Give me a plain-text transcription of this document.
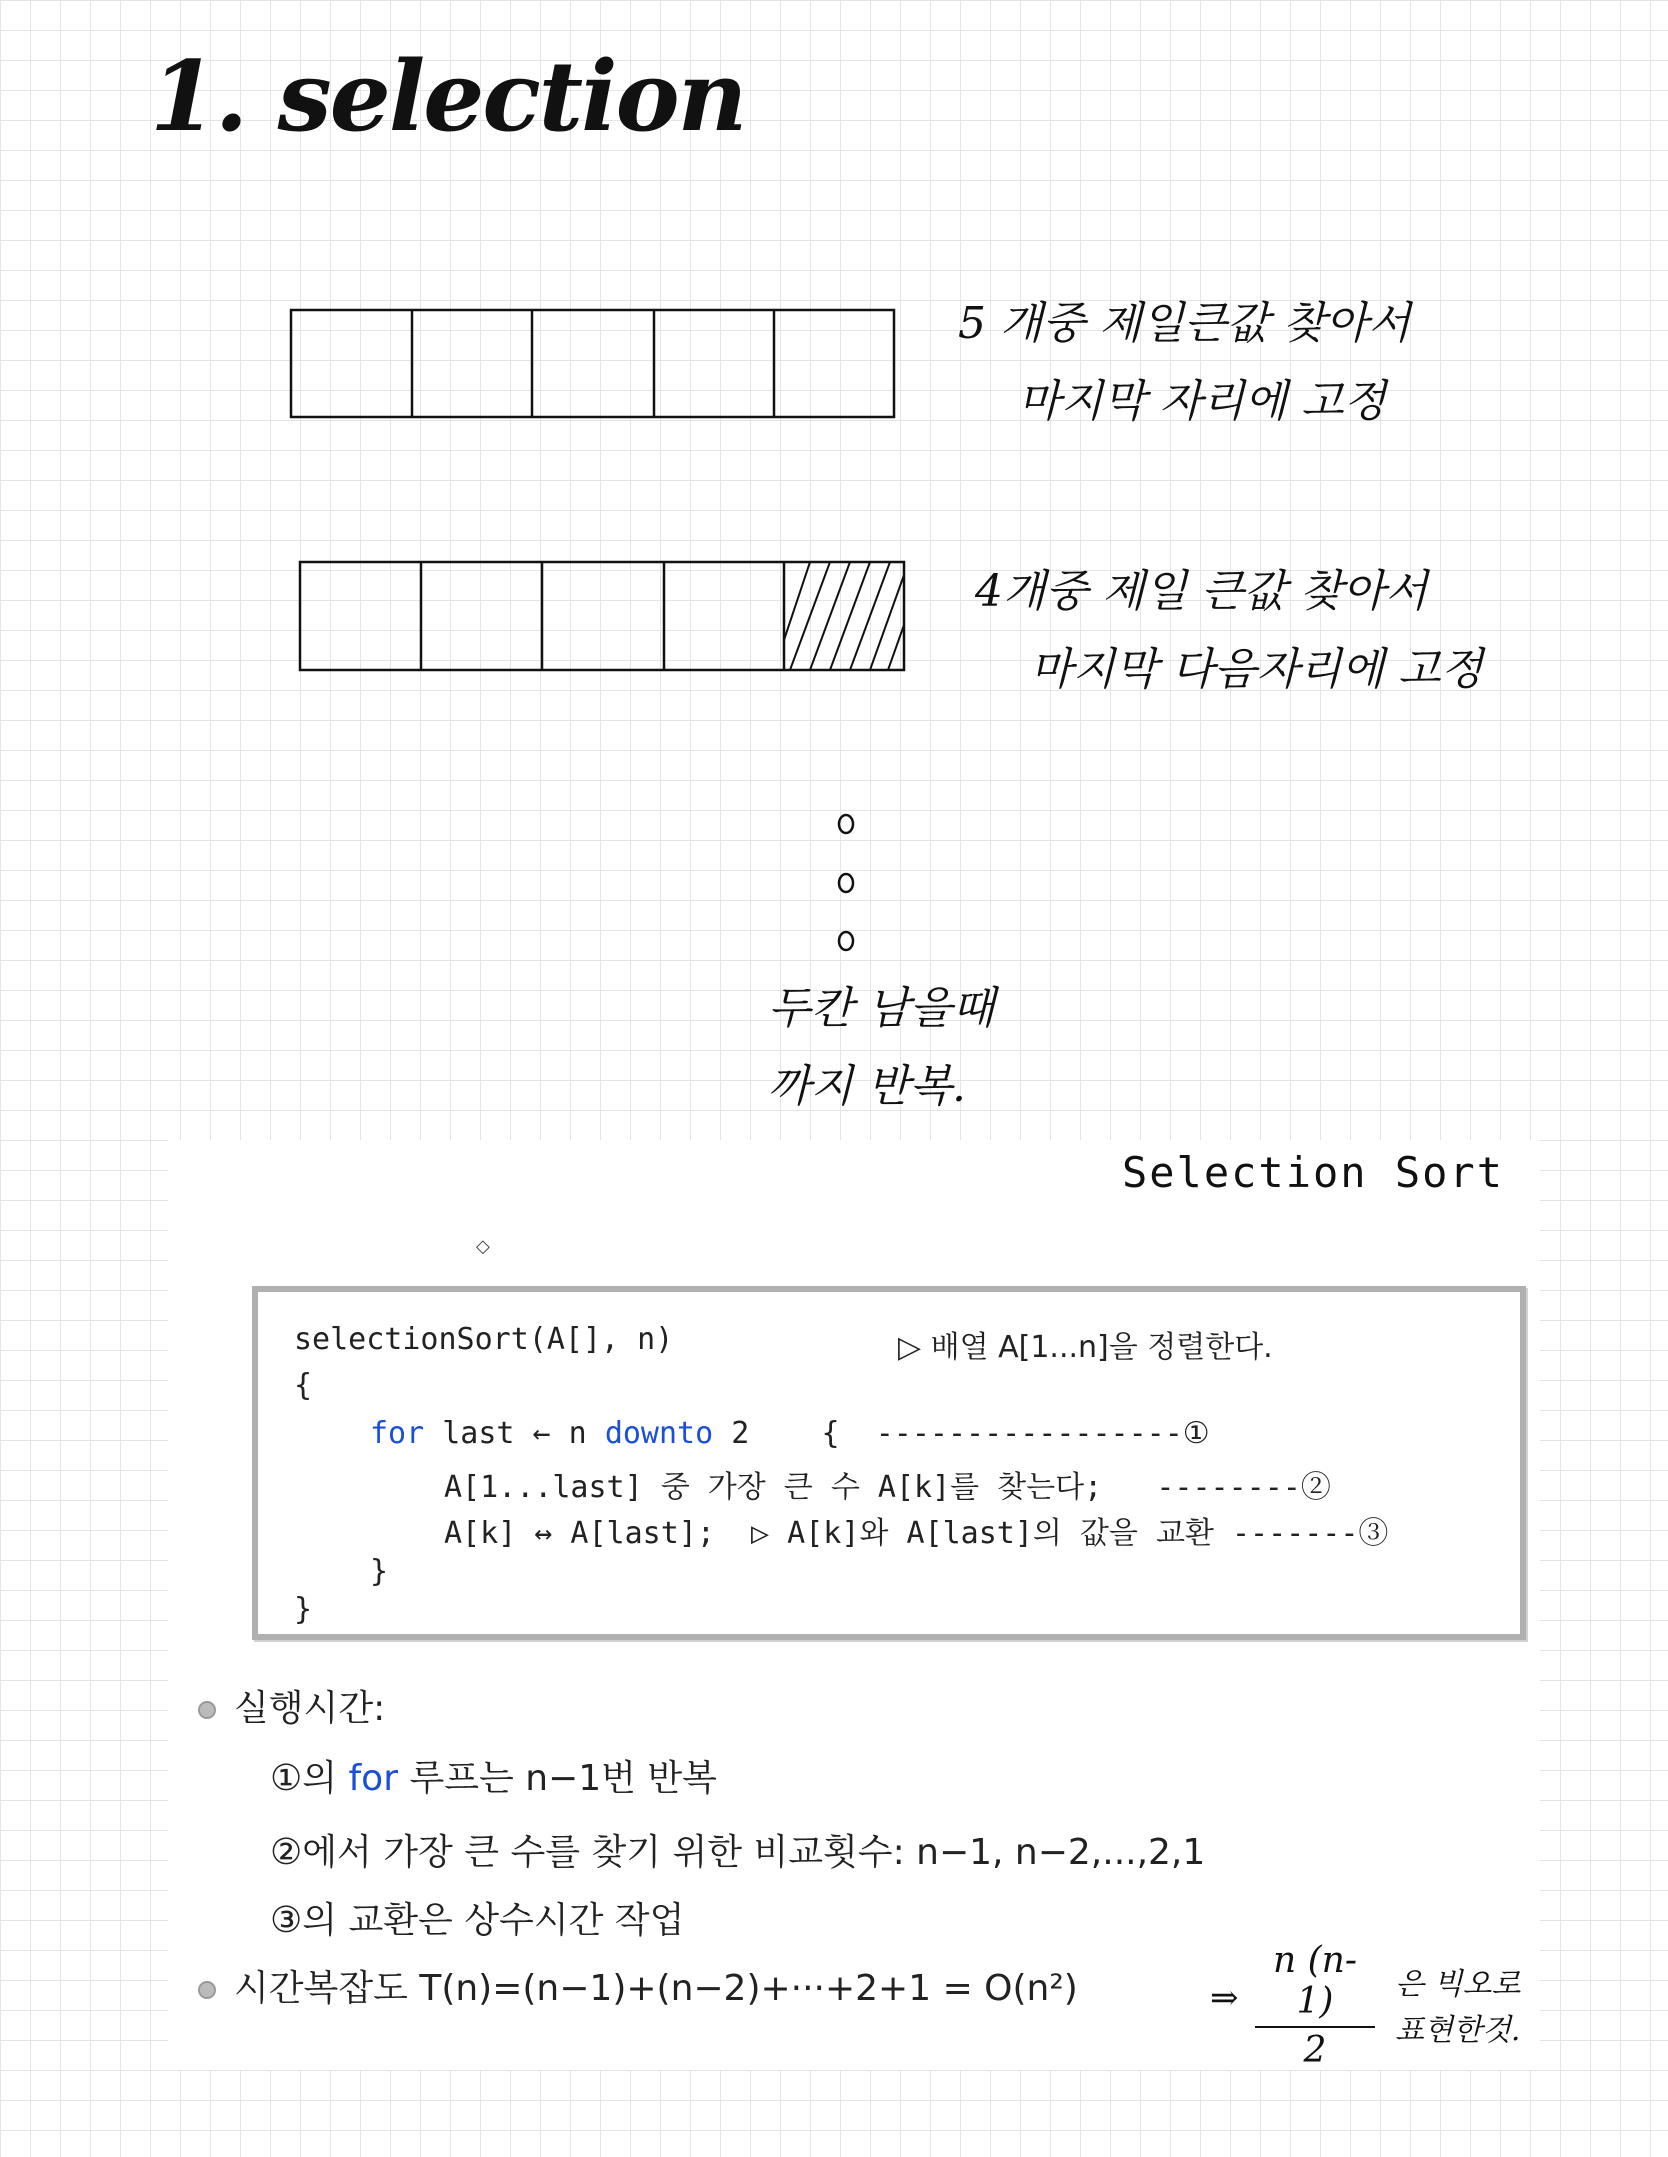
1. selection
5 개중 제일큰값 찾아서
마지막 자리에 고정
4개중 제일 큰값 찾아서
마지막 다음자리에 고정
두칸 남을때
까지 반복.
Selection Sort
◇
selectionSort(A[], n)	▷ 배열 A[1...n]을 정렬한다.
{
for last ← n downto 2    {  -----------------①
A[1...last] 중 가장 큰 수 A[k]를 찾는다;   --------②
A[k] ↔ A[last];  ▷ A[k]와 A[last]의 값을 교환 -------③
}
}
실행시간:
①의 for 루프는 n−1번 반복
②에서 가장 큰 수를 찾기 위한 비교횟수: n−1, n−2,...,2,1
③의 교환은 상수시간 작업
시간복잡도 T(n)=(n−1)+(n−2)+···+2+1 = O(n²)	⇒ $\frac{n (n-1)}{2}$ 은 빅오로
표현한것.
